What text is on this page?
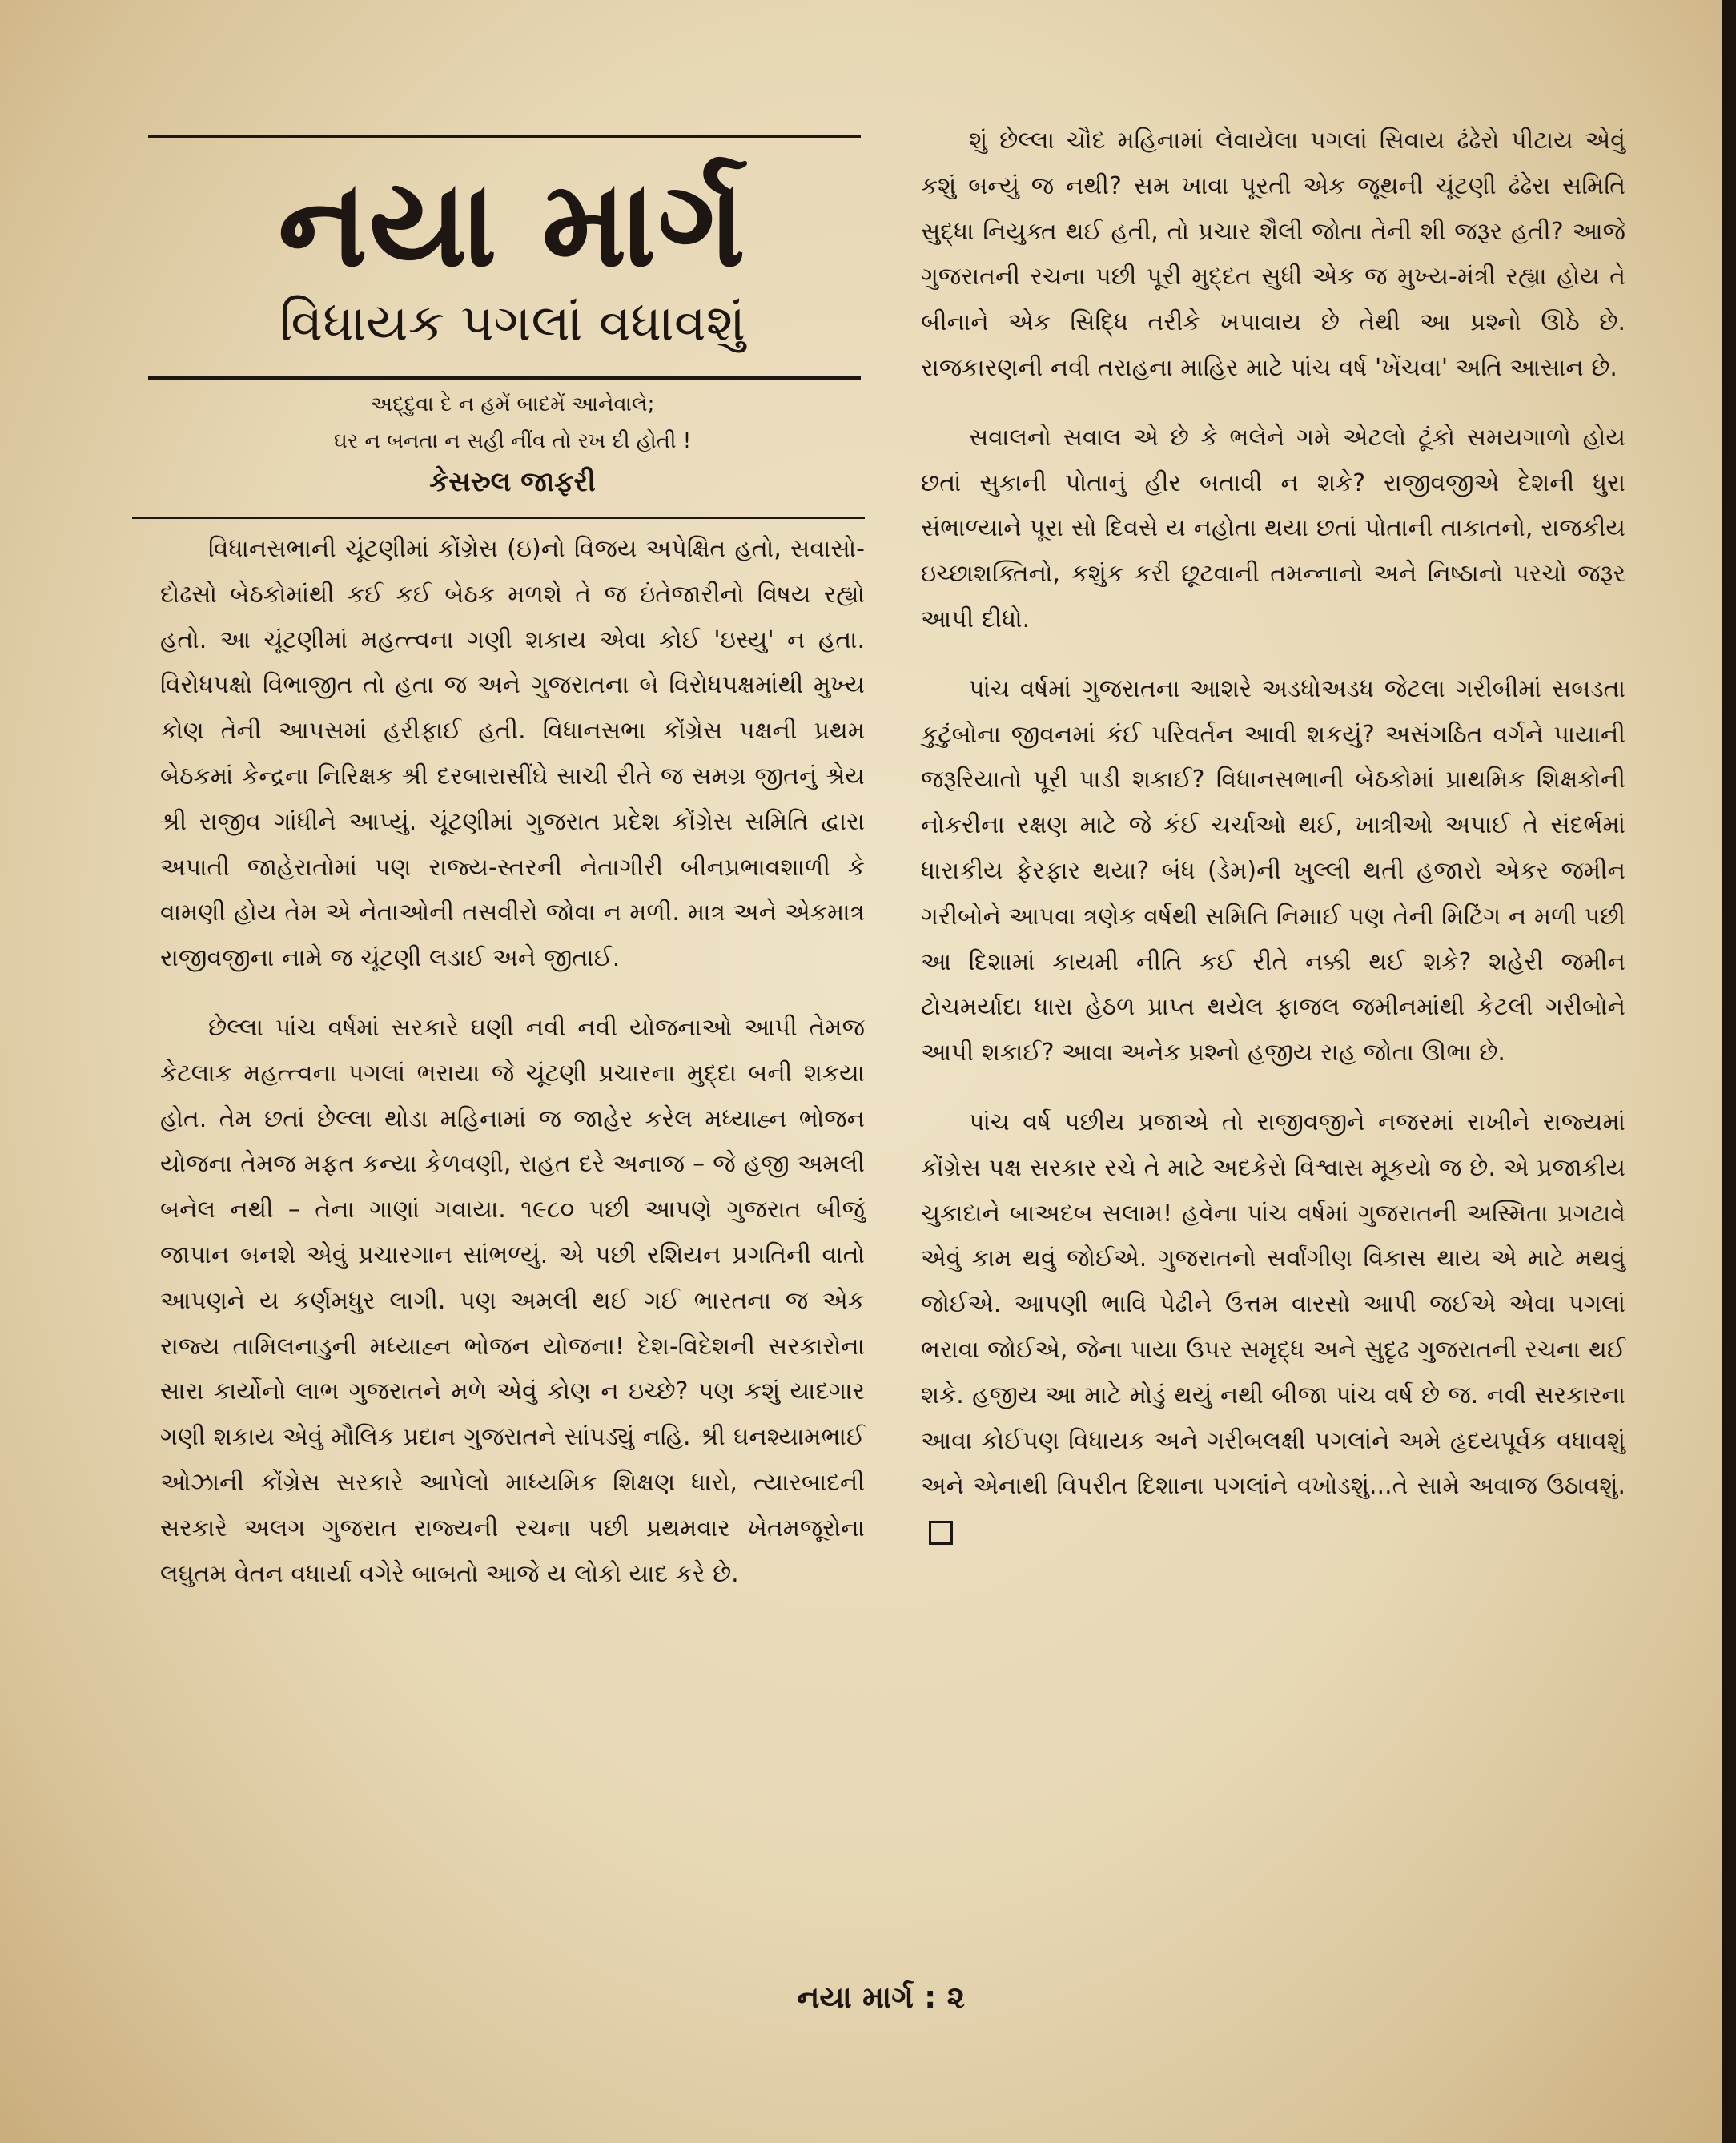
નયા માર્ગ
વિધાયક પગલાં વધાવશું
અદ્દુવા દે ન હમેં બાદમેં આનેવાલે;
ઘર ન બનતા ન સહી નીંવ તો રખ દી હોતી !
કેસરુલ જાફરી

વિધાનસભાની ચૂંટણીમાં કોંગ્રેસ (ઇ)નો વિજય અપેક્ષિત હતો, સવાસો-દોઢસો બેઠકોમાંથી કઈ કઈ બેઠક મળશે તે જ ઇંતેજારીનો વિષય રહ્યો હતો. આ ચૂંટણીમાં મહત્ત્વના ગણી શકાય એવા કોઈ 'ઇસ્યુ' ન હતા. વિરોધપક્ષો વિભાજીત તો હતા જ અને ગુજરાતના બે વિરોધપક્ષમાંથી મુખ્ય કોણ તેની આપસમાં હરીફાઈ હતી. વિધાનસભા કોંગ્રેસ પક્ષની પ્રથમ બેઠકમાં કેન્દ્રના નિરિક્ષક શ્રી દરબારાસીંઘે સાચી રીતે જ સમગ્ર જીતનું શ્રેય શ્રી રાજીવ ગાંધીને આપ્યું. ચૂંટણીમાં ગુજરાત પ્રદેશ કોંગ્રેસ સમિતિ દ્વારા અપાતી જાહેરાતોમાં પણ રાજ્ય-સ્તરની નેતાગીરી બીનપ્રભાવશાળી કે વામણી હોય તેમ એ નેતાઓની તસવીરો જોવા ન મળી. માત્ર અને એકમાત્ર રાજીવજીના નામે જ ચૂંટણી લડાઈ અને જીતાઈ.

છેલ્લા પાંચ વર્ષમાં સરકારે ઘણી નવી નવી યોજનાઓ આપી તેમજ કેટલાક મહત્ત્વના પગલાં ભરાયા જે ચૂંટણી પ્રચારના મુદ્દા બની શકયા હોત. તેમ છતાં છેલ્લા થોડા મહિનામાં જ જાહેર કરેલ મધ્યાહ્ન ભોજન યોજના તેમજ મફત કન્યા કેળવણી, રાહત દરે અનાજ – જે હજી અમલી બનેલ નથી – તેના ગાણાં ગવાયા. ૧૯૮૦ પછી આપણે ગુજરાત બીજું જાપાન બનશે એવું પ્રચારગાન સાંભળ્યું. એ પછી રશિયન પ્રગતિની વાતો આપણને ય કર્ણમધુર લાગી. પણ અમલી થઈ ગઈ ભારતના જ એક રાજ્ય તામિલનાડુની મધ્યાહ્ન ભોજન યોજના! દેશ-વિદેશની સરકારોના સારા કાર્યોનો લાભ ગુજરાતને મળે એવું કોણ ન ઇચ્છે? પણ કશું યાદગાર ગણી શકાય એવું મૌલિક પ્રદાન ગુજરાતને સાંપડ્યું નહિ. શ્રી ઘનશ્યામભાઈ ઓઝાની કોંગ્રેસ સરકારે આપેલો માધ્યમિક શિક્ષણ ધારો, ત્યારબાદની સરકારે અલગ ગુજરાત રાજ્યની રચના પછી પ્રથમવાર ખેતમજૂરોના લઘુતમ વેતન વધાર્યા વગેરે બાબતો આજે ય લોકો યાદ કરે છે.

શું છેલ્લા ચૌદ મહિનામાં લેવાયેલા પગલાં સિવાય ઢંઢેરો પીટાય એવું કશું બન્યું જ નથી? સમ ખાવા પૂરતી એક જૂથની ચૂંટણી ઢંઢેરા સમિતિ સુદ્ધા નિયુક્ત થઈ હતી, તો પ્રચાર શૈલી જોતા તેની શી જરૂર હતી? આજે ગુજરાતની રચના પછી પૂરી મુદ્દત સુધી એક જ મુખ્ય-મંત્રી રહ્યા હોય તે બીનાને એક સિદ્ધિ તરીકે ખપાવાય છે તેથી આ પ્રશ્નો ઊઠે છે. રાજકારણની નવી તરાહના માહિર માટે પાંચ વર્ષ 'ખેંચવા' અતિ આસાન છે.

સવાલનો સવાલ એ છે કે ભલેને ગમે એટલો ટૂંકો સમયગાળો હોય છતાં સુકાની પોતાનું હીર બતાવી ન શકે? રાજીવજીએ દેશની ધુરા સંભાળ્યાને પૂરા સો દિવસે ય નહોતા થયા છતાં પોતાની તાકાતનો, રાજકીય ઇચ્છાશક્તિનો, કશુંક કરી છૂટવાની તમન્નાનો અને નિષ્ઠાનો પરચો જરૂર આપી દીધો.

પાંચ વર્ષમાં ગુજરાતના આશરે અડધોઅડધ જેટલા ગરીબીમાં સબડતા કુટુંબોના જીવનમાં કંઈ પરિવર્તન આવી શકયું? અસંગઠિત વર્ગને પાયાની જરૂરિયાતો પૂરી પાડી શકાઈ? વિધાનસભાની બેઠકોમાં પ્રાથમિક શિક્ષકોની નોકરીના રક્ષણ માટે જે કંઈ ચર્ચાઓ થઈ, ખાત્રીઓ અપાઈ તે સંદર્ભમાં ધારાકીય ફેરફાર થયા? બંધ (ડેમ)ની ખુલ્લી થતી હજારો એકર જમીન ગરીબોને આપવા ત્રણેક વર્ષથી સમિતિ નિમાઈ પણ તેની મિટિંગ ન મળી પછી આ દિશામાં કાયમી નીતિ કઈ રીતે નક્કી થઈ શકે? શહેરી જમીન ટોચમર્યાદા ધારા હેઠળ પ્રાપ્ત થયેલ ફાજલ જમીનમાંથી કેટલી ગરીબોને આપી શકાઈ? આવા અનેક પ્રશ્નો હજીય રાહ જોતા ઊભા છે.

પાંચ વર્ષ પછીય પ્રજાએ તો રાજીવજીને નજરમાં રાખીને રાજ્યમાં કોંગ્રેસ પક્ષ સરકાર રચે તે માટે અદકેરો વિશ્વાસ મૂકયો જ છે. એ પ્રજાકીય ચુકાદાને બાઅદબ સલામ! હવેના પાંચ વર્ષમાં ગુજરાતની અસ્મિતા પ્રગટાવે એવું કામ થવું જોઈએ. ગુજરાતનો સર્વાંગીણ વિકાસ થાય એ માટે મથવું જોઈએ. આપણી ભાવિ પેઢીને ઉત્તમ વારસો આપી જઈએ એવા પગલાં ભરાવા જોઈએ, જેના પાયા ઉપર સમૃદ્ધ અને સુદૃઢ ગુજરાતની રચના થઈ શકે. હજીય આ માટે મોડું થયું નથી બીજા પાંચ વર્ષ છે જ. નવી સરકારના આવા કોઈપણ વિધાયક અને ગરીબલક્ષી પગલાંને અમે હૃદયપૂર્વક વધાવશું અને એનાથી વિપરીત દિશાના પગલાંને વખોડશું...તે સામે અવાજ ઉઠાવશું.

નયા માર્ગ : ૨
